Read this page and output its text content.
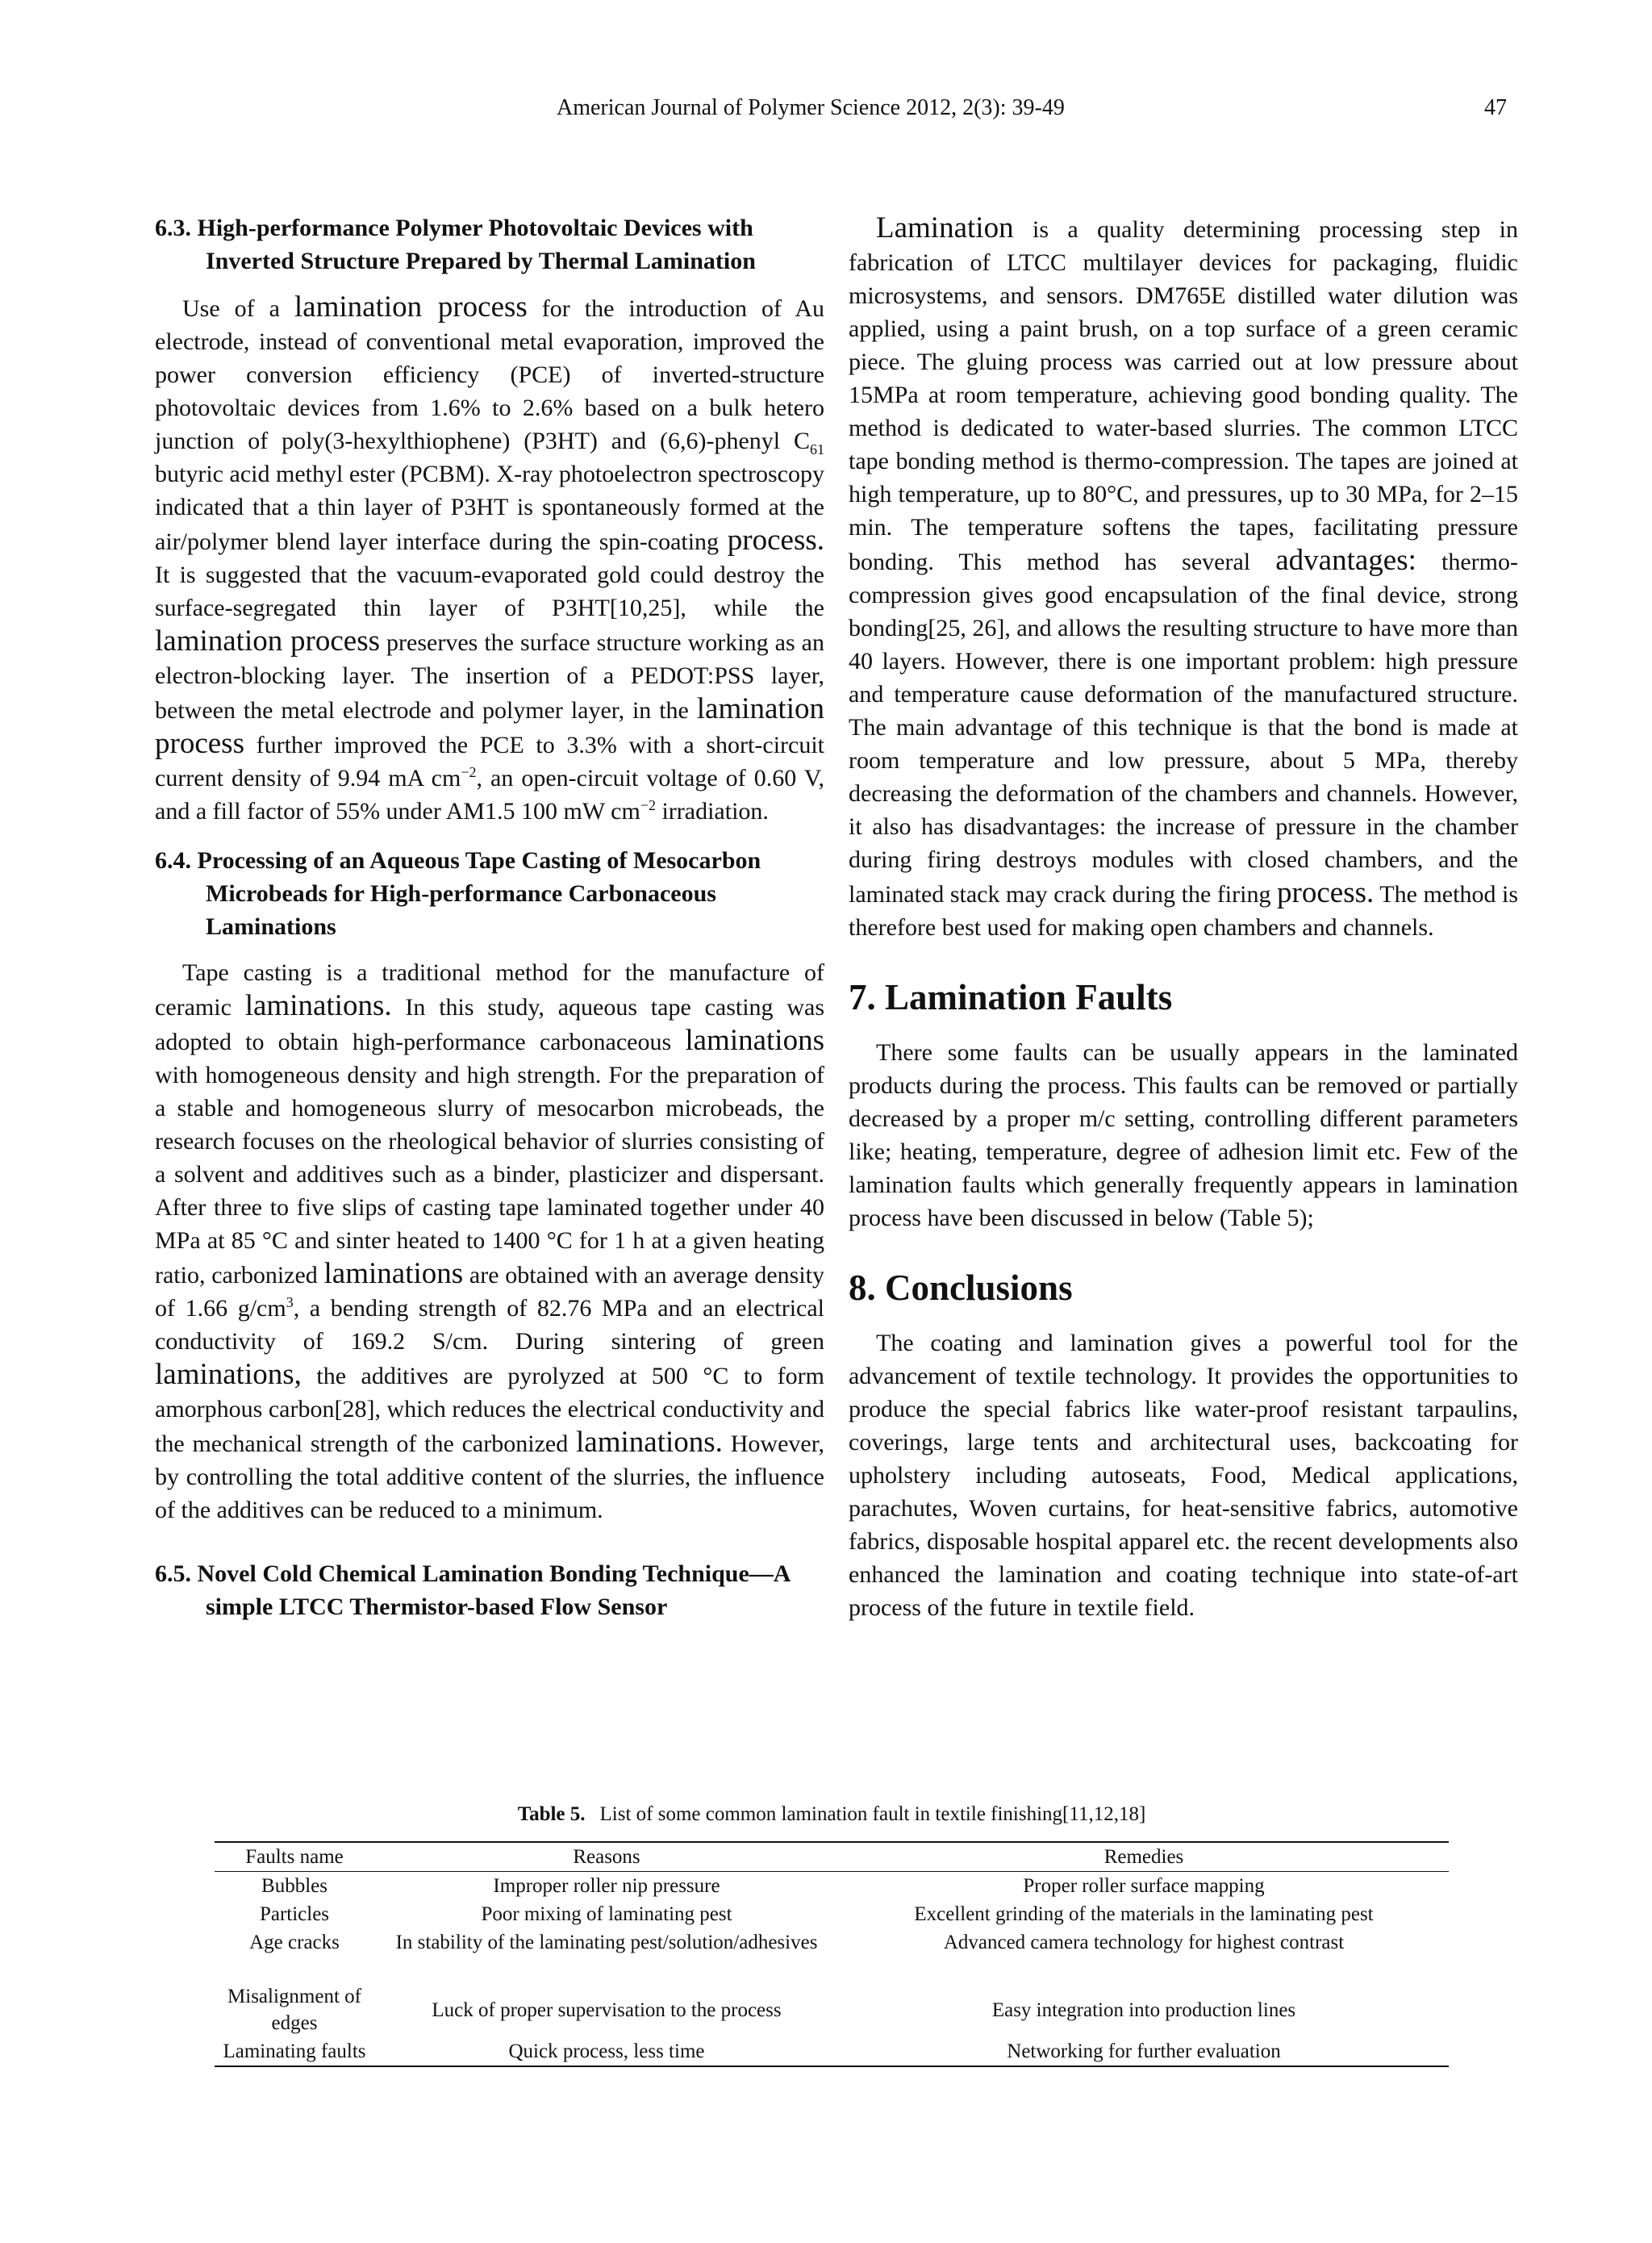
American Journal of Polymer Science 2012, 2(3): 39-49	47
6.3. High-performance Polymer Photovoltaic Devices with Inverted Structure Prepared by Thermal Lamination

Use of a lamination process for the introduction of Au electrode, instead of conventional metal evaporation, improved the power conversion efficiency (PCE) of inverted-structure photovoltaic devices from 1.6% to 2.6% based on a bulk hetero junction of poly(3-hexylthiophene) (P3HT) and (6,6)-phenyl $C_{61}$ butyric acid methyl ester (PCBM). X-ray photoelectron spectroscopy indicated that a thin layer of P3HT is spontaneously formed at the air/polymer blend layer interface during the spin-coating process. It is suggested that the vacuum-evaporated gold could destroy the surface-segregated thin layer of P3HT[10,25], while the lamination process preserves the surface structure working as an electron-blocking layer. The insertion of a PEDOT:PSS layer, between the metal electrode and polymer layer, in the lamination process further improved the PCE to 3.3% with a short-circuit current density of 9.94 mA $cm^{-2}$, an open-circuit voltage of 0.60 V, and a fill factor of 55% under AM1.5 100 mW $cm^{-2}$ irradiation.

6.4. Processing of an Aqueous Tape Casting of Mesocarbon Microbeads for High-performance Carbonaceous Laminations

Tape casting is a traditional method for the manufacture of ceramic laminations. In this study, aqueous tape casting was adopted to obtain high-performance carbonaceous laminations with homogeneous density and high strength. For the preparation of a stable and homogeneous slurry of mesocarbon microbeads, the research focuses on the rheological behavior of slurries consisting of a solvent and additives such as a binder, plasticizer and dispersant. After three to five slips of casting tape laminated together under 40 MPa at 85 °C and sinter heated to 1400 °C for 1 h at a given heating ratio, carbonized laminations are obtained with an average density of 1.66 $g/cm^3$, a bending strength of 82.76 MPa and an electrical conductivity of 169.2 S/cm. During sintering of green laminations, the additives are pyrolyzed at 500 °C to form amorphous carbon[28], which reduces the electrical conductivity and the mechanical strength of the carbonized laminations. However, by controlling the total additive content of the slurries, the influence of the additives can be reduced to a minimum.

6.5. Novel Cold Chemical Lamination Bonding Technique—A simple LTCC Thermistor-based Flow Sensor

Lamination is a quality determining processing step in fabrication of LTCC multilayer devices for packaging, fluidic microsystems, and sensors. DM765E distilled water dilution was applied, using a paint brush, on a top surface of a green ceramic piece. The gluing process was carried out at low pressure about 15MPa at room temperature, achieving good bonding quality. The method is dedicated to water-based slurries. The common LTCC tape bonding method is thermo-compression. The tapes are joined at high temperature, up to 80°C, and pressures, up to 30 MPa, for 2–15 min. The temperature softens the tapes, facilitating pressure bonding. This method has several advantages: thermo-compression gives good encapsulation of the final device, strong bonding[25, 26], and allows the resulting structure to have more than 40 layers. However, there is one important problem: high pressure and temperature cause deformation of the manufactured structure. The main advantage of this technique is that the bond is made at room temperature and low pressure, about 5 MPa, thereby decreasing the deformation of the chambers and channels. However, it also has disadvantages: the increase of pressure in the chamber during firing destroys modules with closed chambers, and the laminated stack may crack during the firing process. The method is therefore best used for making open chambers and channels.

7. Lamination Faults

There some faults can be usually appears in the laminated products during the process. This faults can be removed or partially decreased by a proper m/c setting, controlling different parameters like; heating, temperature, degree of adhesion limit etc. Few of the lamination faults which generally frequently appears in lamination process have been discussed in below (Table 5);

8. Conclusions

The coating and lamination gives a powerful tool for the advancement of textile technology. It provides the opportunities to produce the special fabrics like water-proof resistant tarpaulins, coverings, large tents and architectural uses, backcoating for upholstery including autoseats, Food, Medical applications, parachutes, Woven curtains, for heat-sensitive fabrics, automotive fabrics, disposable hospital apparel etc. the recent developments also enhanced the lamination and coating technique into state-of-art process of the future in textile field.

Table 5. List of some common lamination fault in textile finishing[11,12,18]
Faults name	Reasons	Remedies
Bubbles	Improper roller nip pressure	Proper roller surface mapping
Particles	Poor mixing of laminating pest	Excellent grinding of the materials in the laminating pest
Age cracks	In stability of the laminating pest/solution/adhesives	Advanced camera technology for highest contrast

Misalignment of edges	Luck of proper supervisation to the process	Easy integration into production lines
Laminating faults	Quick process, less time	Networking for further evaluation
